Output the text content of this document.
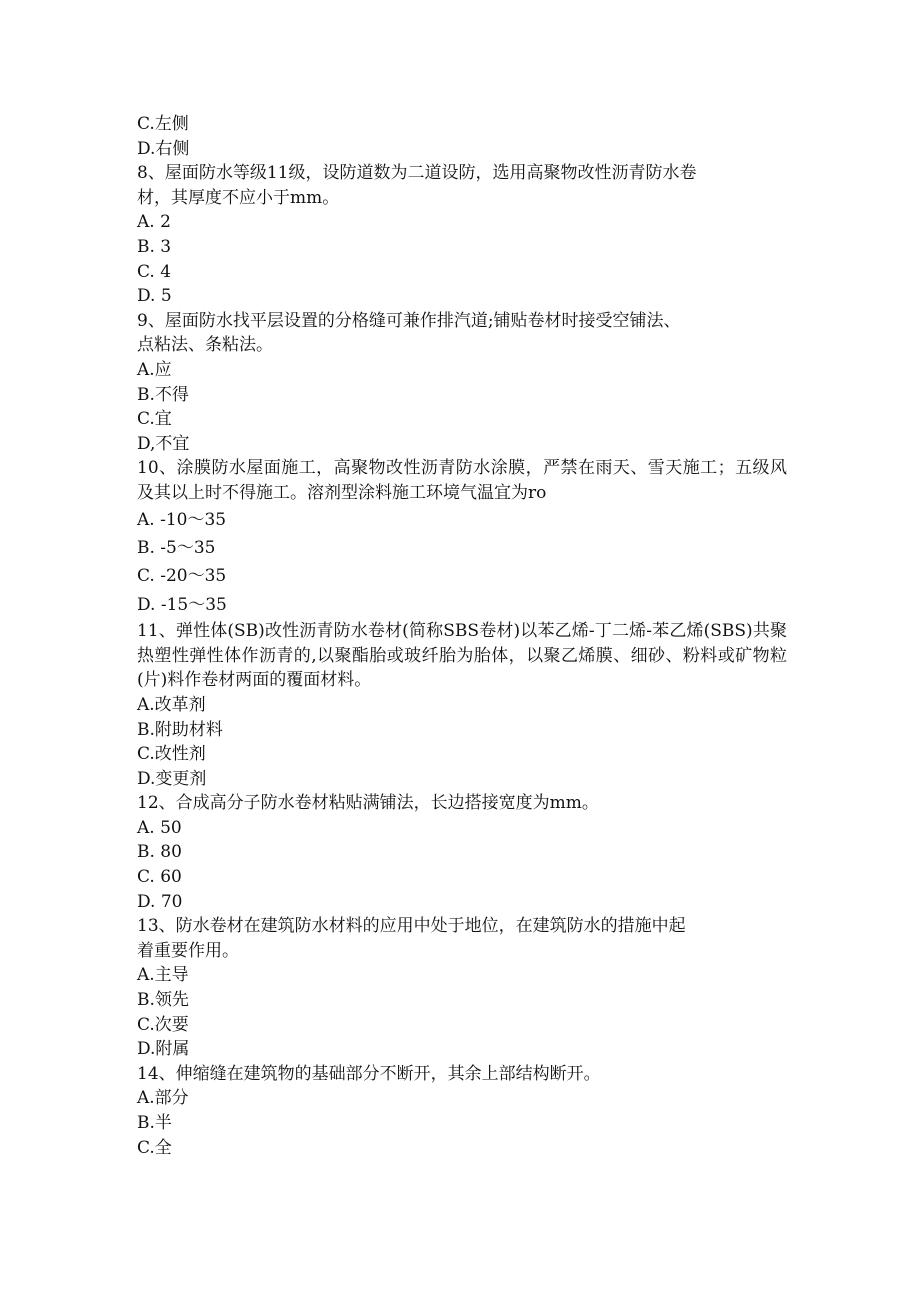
C.左侧
D.右侧
8、屋面防水等级11级，设防道数为二道设防，选用高聚物改性沥青防水卷
材，其厚度不应小于mm。
A. 2
B. 3
C. 4
D. 5
9、屋面防水找平层设置的分格缝可兼作排汽道;铺贴卷材时接受空铺法、
点粘法、条粘法。
A.应
B.不得
C.宜
D,不宜
10、涂膜防水屋面施工，高聚物改性沥青防水涂膜，严禁在雨天、雪天施工；五级风及其以上时不得施工。溶剂型涂料施工环境气温宜为ro
A. -10～35
B. -5～35
C. -20～35
D. -15～35
11、弹性体(SB)改性沥青防水卷材(简称SBS卷材)以苯乙烯-丁二烯-苯乙烯(SBS)共聚热塑性弹性体作沥青的,以聚酯胎或玻纤胎为胎体，以聚乙烯膜、细砂、粉料或矿物粒(片)料作卷材两面的覆面材料。
A.改革剂
B.附助材料
C.改性剂
D.变更剂
12、合成高分子防水卷材粘贴满铺法，长边搭接宽度为mm。
A. 50
B. 80
C. 60
D. 70
13、防水卷材在建筑防水材料的应用中处于地位，在建筑防水的措施中起
着重要作用。
A.主导
B.领先
C.次要
D.附属
14、伸缩缝在建筑物的基础部分不断开，其余上部结构断开。
A.部分
B.半
C.全
